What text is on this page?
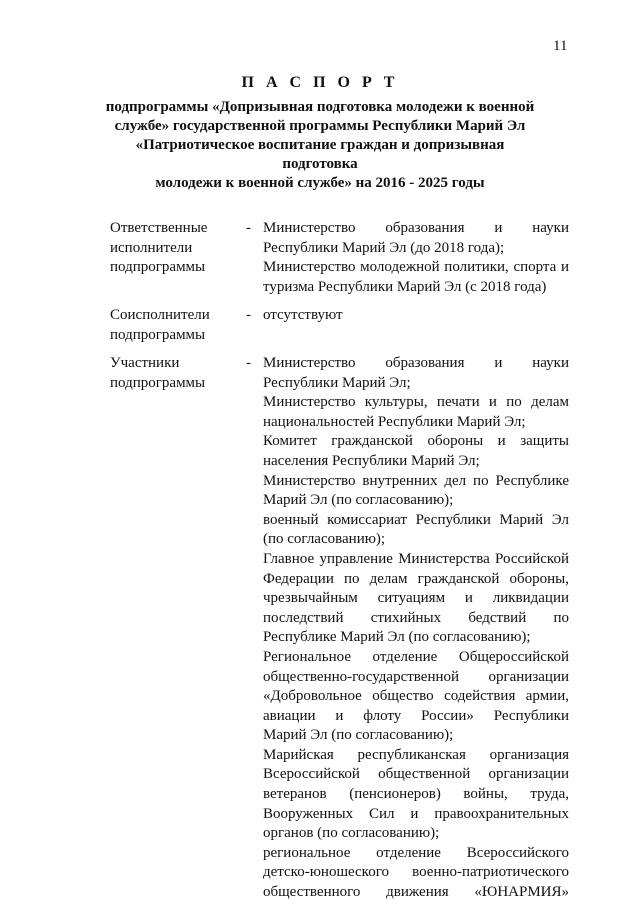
11
П А С П О Р Т
подпрограммы «Допризывная подготовка молодежи к военной
службе» государственной программы Республики Марий Эл
«Патриотическое воспитание граждан и допризывная подготовка
молодежи к военной службе» на 2016 - 2025 годы
Ответственные
исполнители
подпрограммы
- Министерство образования и науки
Республики Марий Эл (до 2018 года);
Министерство молодежной политики, спорта и
туризма Республики Марий Эл (с 2018 года)
Соисполнители
подпрограммы
- отсутствуют
Участники
подпрограммы
- Министерство образования и науки
Республики Марий Эл;
Министерство культуры, печати и по делам
национальностей Республики Марий Эл;
Комитет гражданской обороны и защиты
населения Республики Марий Эл;
Министерство внутренних дел по Республике
Марий Эл (по согласованию);
военный комиссариат Республики Марий Эл
(по согласованию);
Главное управление Министерства Российской
Федерации по делам гражданской обороны,
чрезвычайным ситуациям и ликвидации
последствий стихийных бедствий по
Республике Марий Эл (по согласованию);
Региональное отделение Общероссийской
общественно-государственной организации
«Добровольное общество содействия армии,
авиации и флоту России» Республики
Марий Эл (по согласованию);
Марийская республиканская организация
Всероссийской общественной организации
ветеранов (пенсионеров) войны, труда,
Вооруженных Сил и правоохранительных
органов (по согласованию);
региональное отделение Всероссийского
детско-юношеского военно-патриотического
общественного движения «ЮНАРМИЯ»
